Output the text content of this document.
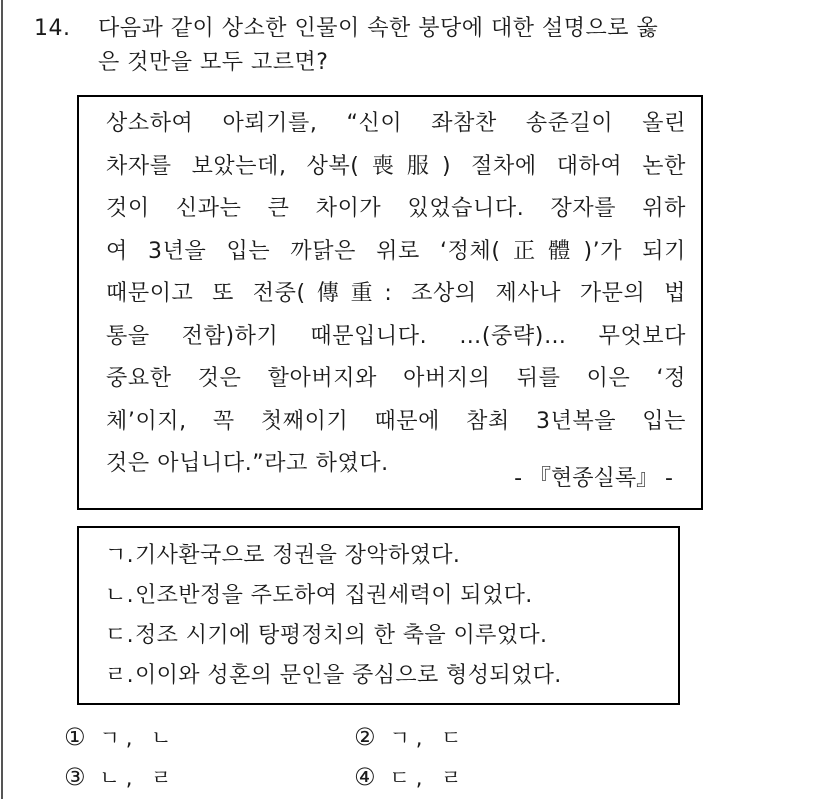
14. 다음과 같이 상소한 인물이 속한 붕당에 대한 설명으로 옳
은 것만을 모두 고르면?
상소하여 아뢰기를, “신이 좌참찬 송준길이 올린
차자를 보았는데, 상복(喪服) 절차에 대하여 논한
것이 신과는 큰 차이가 있었습니다. 장자를 위하
여 3년을 입는 까닭은 위로 ‘정체(正體)’가 되기
때문이고 또 전중(傳重: 조상의 제사나 가문의 법
통을 전함)하기 때문입니다. …(중략)… 무엇보다
중요한 것은 할아버지와 아버지의 뒤를 이은 ‘정
체’이지, 꼭 첫째이기 때문에 참최 3년복을 입는
것은 아닙니다.”라고 하였다.
- 『현종실록』 -
ㄱ.기사환국으로 정권을 장악하였다.
ㄴ.인조반정을 주도하여 집권세력이 되었다.
ㄷ.정조 시기에 탕평정치의 한 축을 이루었다.
ㄹ.이이와 성혼의 문인을 중심으로 형성되었다.
① ㄱ, ㄴ	② ㄱ, ㄷ
③ ㄴ, ㄹ	④ ㄷ, ㄹ
